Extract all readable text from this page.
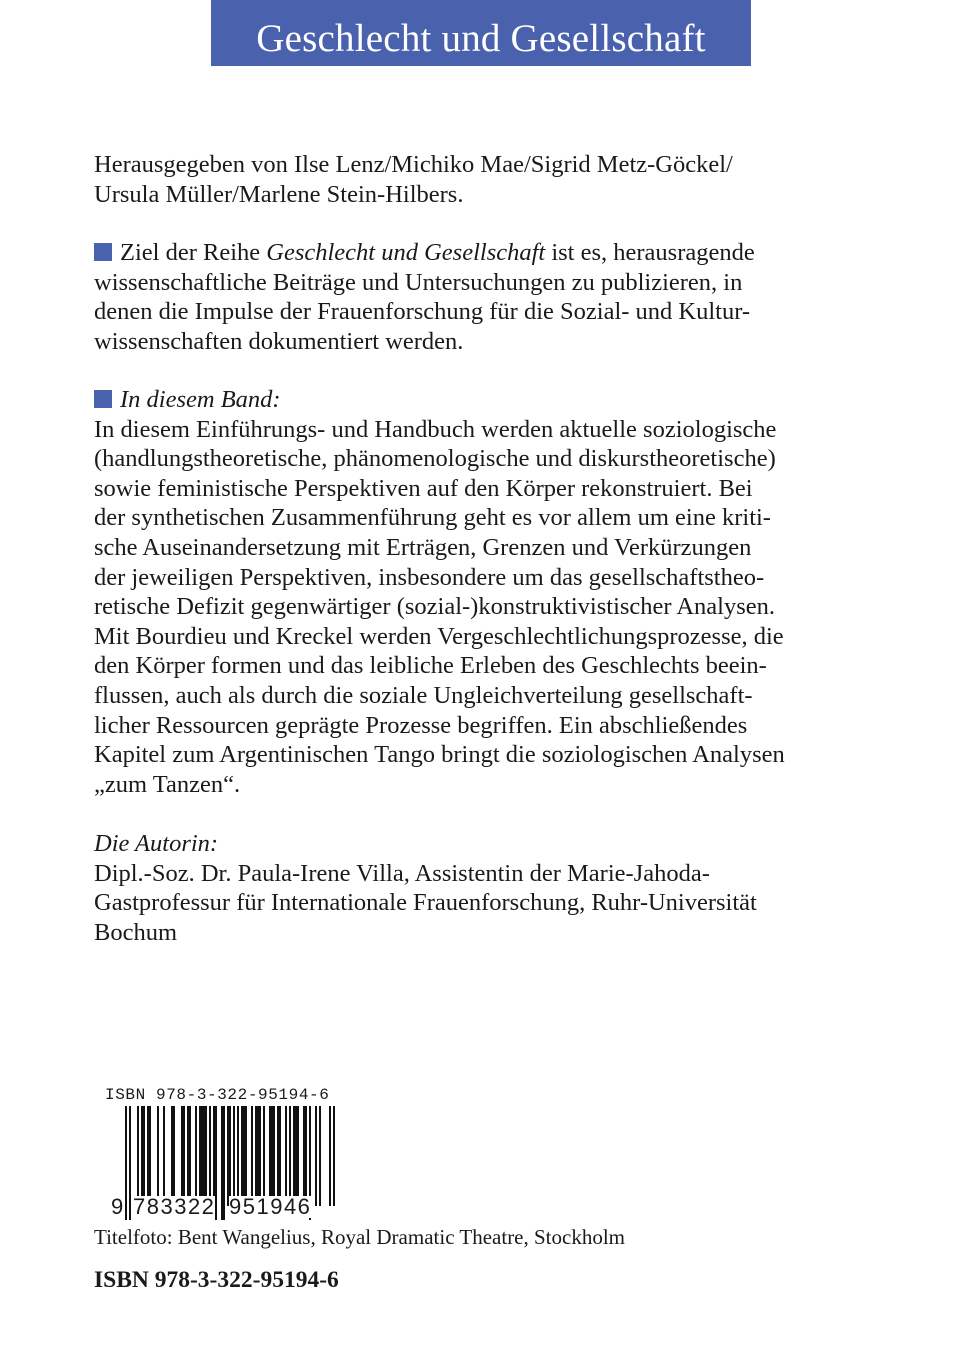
Geschlecht und Gesellschaft

Herausgegeben von Ilse Lenz/Michiko Mae/Sigrid Metz-Göckel/

Ursula Müller/Marlene Stein-Hilbers.

Ziel der Reihe Geschlecht und Gesellschaft ist es, herausragende

wissenschaftliche Beiträge und Untersuchungen zu publizieren, in

denen die Impulse der Frauenforschung für die Sozial- und Kultur-

wissenschaften dokumentiert werden.

In diesem Band:

In diesem Einführungs- und Handbuch werden aktuelle soziologische

(handlungstheoretische, phänomenologische und diskurstheoretische)

sowie feministische Perspektiven auf den Körper rekonstruiert. Bei

der synthetischen Zusammenführung geht es vor allem um eine kriti-

sche Auseinandersetzung mit Erträgen, Grenzen und Verkürzungen

der jeweiligen Perspektiven, insbesondere um das gesellschaftstheo-

retische Defizit gegenwärtiger (sozial-)konstruktivistischer Analysen.

Mit Bourdieu und Kreckel werden Vergeschlechtlichungsprozesse, die

den Körper formen und das leibliche Erleben des Geschlechts beein-

flussen, auch als durch die soziale Ungleichverteilung gesellschaft-

licher Ressourcen geprägte Prozesse begriffen. Ein abschließendes

Kapitel zum Argentinischen Tango bringt die soziologischen Analysen

„zum Tanzen“.

Die Autorin:

Dipl.-Soz. Dr. Paula-Irene Villa, Assistentin der Marie-Jahoda-

Gastprofessur für Internationale Frauenforschung, Ruhr-Universität

Bochum

ISBN 978-3-322-95194-6
9 783322 951946
Titelfoto: Bent Wangelius, Royal Dramatic Theatre, Stockholm
ISBN 978-3-322-95194-6
